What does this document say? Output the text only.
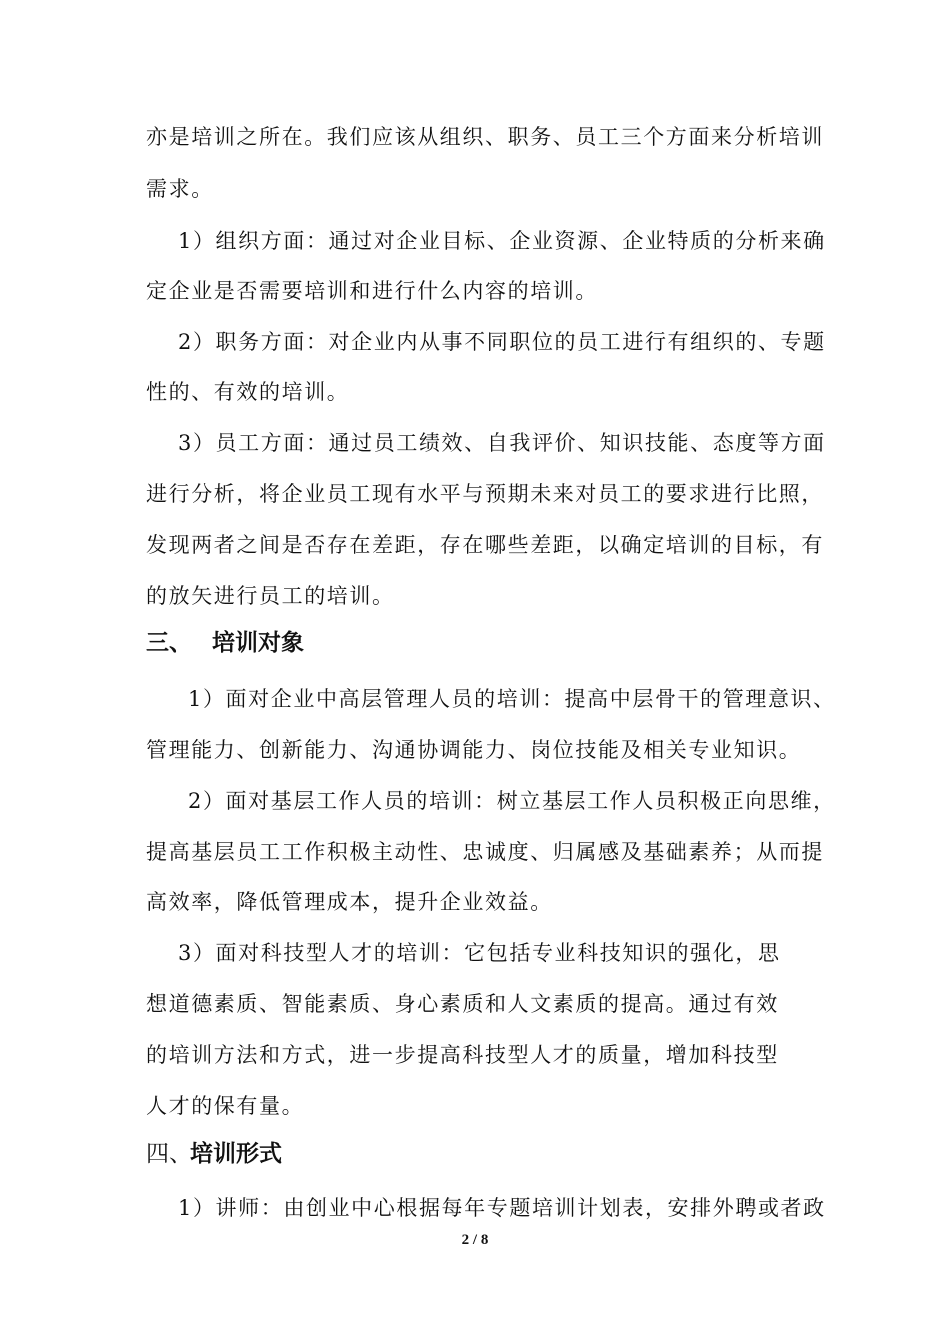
亦是培训之所在。我们应该从组织、职务、员工三个方面来分析培训
需求。
1）组织方面：通过对企业目标、企业资源、企业特质的分析来确
定企业是否需要培训和进行什么内容的培训。
2）职务方面：对企业内从事不同职位的员工进行有组织的、专题
性的、有效的培训。
3）员工方面：通过员工绩效、自我评价、知识技能、态度等方面
进行分析，将企业员工现有水平与预期未来对员工的要求进行比照，
发现两者之间是否存在差距，存在哪些差距，以确定培训的目标，有
的放矢进行员工的培训。
三、 培训对象
1）面对企业中高层管理人员的培训：提高中层骨干的管理意识、
管理能力、创新能力、沟通协调能力、岗位技能及相关专业知识。
2）面对基层工作人员的培训：树立基层工作人员积极正向思维，
提高基层员工工作积极主动性、忠诚度、归属感及基础素养；从而提
高效率，降低管理成本，提升企业效益。
3）面对科技型人才的培训：它包括专业科技知识的强化，思
想道德素质、智能素质、身心素质和人文素质的提高。通过有效
的培训方法和方式，进一步提高科技型人才的质量，增加科技型
人才的保有量。
四、
培训形式
1）讲师：由创业中心根据每年专题培训计划表，安排外聘或者政
2 / 8
